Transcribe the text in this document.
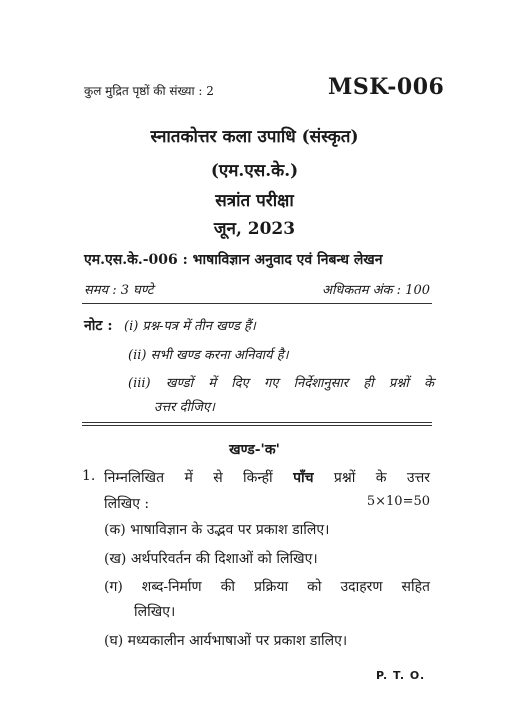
कुल मुद्रित पृष्ठों की संख्या : 2	MSK-006
स्नातकोत्तर कला उपाधि (संस्कृत)
(एम.एस.के.)
सत्रांत परीक्षा
जून, 2023
एम.एस.के.-006 : भाषाविज्ञान अनुवाद एवं निबन्ध लेखन
समय : 3 घण्टे	अधिकतम अंक : 100
नोट : (i) प्रश्न-पत्र में तीन खण्ड हैं।
(ii) सभी खण्ड करना अनिवार्य है।
(iii) खण्डों में दिए गए निर्देशानुसार ही प्रश्नों के
उत्तर दीजिए।
खण्ड-'क'
1. निम्नलिखित में से किन्हीं पाँच प्रश्नों के उत्तर
लिखिए :	5×10=50
(क) भाषाविज्ञान के उद्भव पर प्रकाश डालिए।
(ख) अर्थपरिवर्तन की दिशाओं को लिखिए।
(ग) शब्द-निर्माण की प्रक्रिया को उदाहरण सहित
लिखिए।
(घ) मध्यकालीन आर्यभाषाओं पर प्रकाश डालिए।
P. T. O.
